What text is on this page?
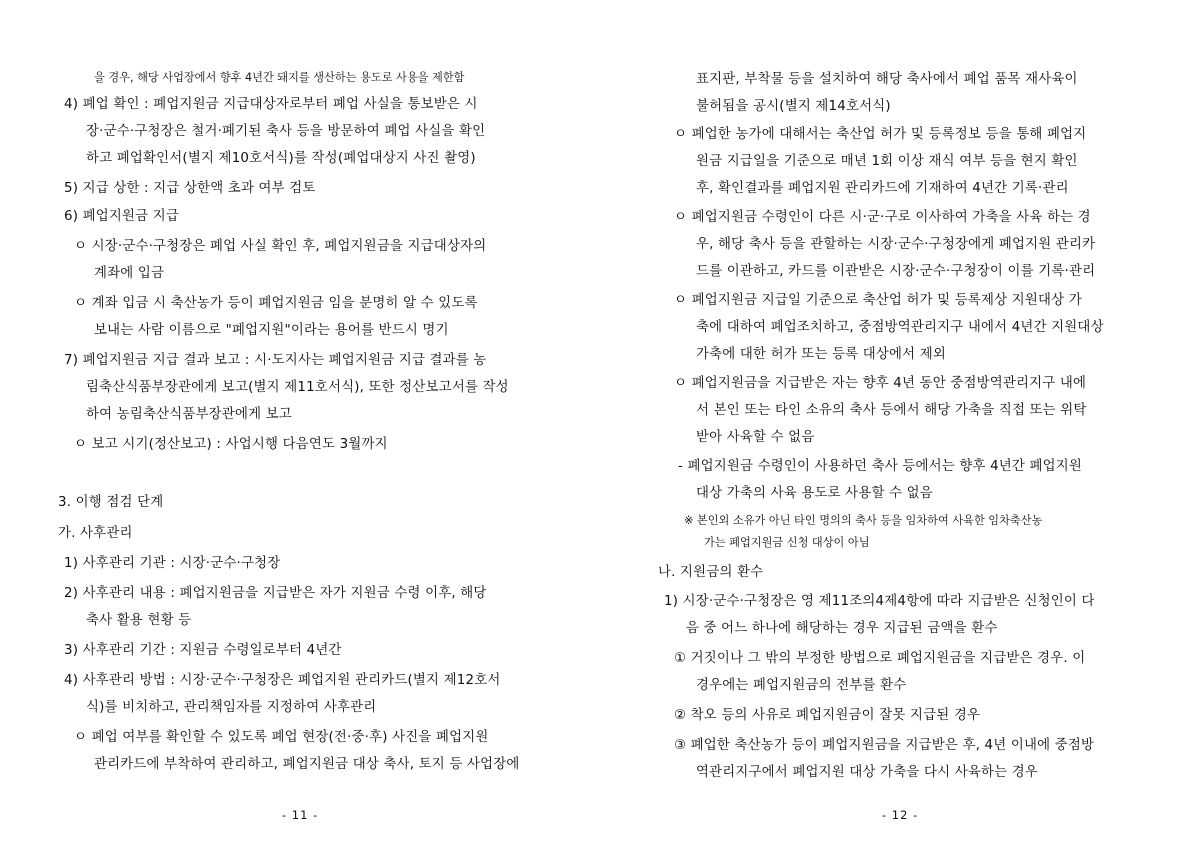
을 경우, 해당 사업장에서 향후 4년간 돼지를 생산하는 용도로 사용을 제한함
4) 폐업 확인 : 폐업지원금 지급대상자로부터 폐업 사실을 통보받은 시
장·군수·구청장은 철거·폐기된 축사 등을 방문하여 폐업 사실을 확인
하고 폐업확인서(별지 제10호서식)를 작성(폐업대상지 사진 촬영)
5) 지급 상한 : 지급 상한액 초과 여부 검토
6) 폐업지원금 지급
ㅇ 시장·군수·구청장은 폐업 사실 확인 후, 폐업지원금을 지급대상자의
계좌에 입금
ㅇ 계좌 입금 시 축산농가 등이 폐업지원금 임을 분명히 알 수 있도록
보내는 사람 이름으로 "폐업지원"이라는 용어를 반드시 명기
7) 폐업지원금 지급 결과 보고 : 시·도지사는 폐업지원금 지급 결과를 농
림축산식품부장관에게 보고(별지 제11호서식), 또한 정산보고서를 작성
하여 농림축산식품부장관에게 보고
ㅇ 보고 시기(정산보고) : 사업시행 다음연도 3월까지
3. 이행 점검 단계
가. 사후관리
1) 사후관리 기관 : 시장·군수·구청장
2) 사후관리 내용 : 폐업지원금을 지급받은 자가 지원금 수령 이후, 해당
축사 활용 현황 등
3) 사후관리 기간 : 지원금 수령일로부터 4년간
4) 사후관리 방법 : 시장·군수·구청장은 폐업지원 관리카드(별지 제12호서
식)를 비치하고, 관리책임자를 지정하여 사후관리
ㅇ 폐업 여부를 확인할 수 있도록 폐업 현장(전·중·후) 사진을 폐업지원
관리카드에 부착하여 관리하고, 폐업지원금 대상 축사, 토지 등 사업장에
- 11 -
표지판, 부착물 등을 설치하여 해당 축사에서 폐업 품목 재사육이
불허됨을 공시(별지 제14호서식)
ㅇ 폐업한 농가에 대해서는 축산업 허가 및 등록정보 등을 통해 폐업지
원금 지급일을 기준으로 매년 1회 이상 재식 여부 등을 현지 확인
후, 확인결과를 폐업지원 관리카드에 기재하여 4년간 기록·관리
ㅇ 폐업지원금 수령인이 다른 시·군·구로 이사하여 가축을 사육 하는 경
우, 해당 축사 등을 관할하는 시장·군수·구청장에게 폐업지원 관리카
드를 이관하고, 카드를 이관받은 시장·군수·구청장이 이를 기록·관리
ㅇ 폐업지원금 지급일 기준으로 축산업 허가 및 등록제상 지원대상 가
축에 대하여 폐업조치하고, 중점방역관리지구 내에서 4년간 지원대상
가축에 대한 허가 또는 등록 대상에서 제외
ㅇ 폐업지원금을 지급받은 자는 향후 4년 동안 중점방역관리지구 내에
서 본인 또는 타인 소유의 축사 등에서 해당 가축을 직접 또는 위탁
받아 사육할 수 없음
- 폐업지원금 수령인이 사용하던 축사 등에서는 향후 4년간 폐업지원
대상 가축의 사육 용도로 사용할 수 없음
※ 본인외 소유가 아닌 타인 명의의 축사 등을 임차하여 사육한 임차축산농
가는 폐업지원금 신청 대상이 아님
나. 지원금의 환수
1) 시장·군수·구청장은 영 제11조의4제4항에 따라 지급받은 신청인이 다
음 중 어느 하나에 해당하는 경우 지급된 금액을 환수
① 거짓이나 그 밖의 부정한 방법으로 폐업지원금을 지급받은 경우. 이
경우에는 폐업지원금의 전부를 환수
② 착오 등의 사유로 폐업지원금이 잘못 지급된 경우
③ 폐업한 축산농가 등이 폐업지원금을 지급받은 후, 4년 이내에 중점방
역관리지구에서 폐업지원 대상 가축을 다시 사육하는 경우
- 12 -
